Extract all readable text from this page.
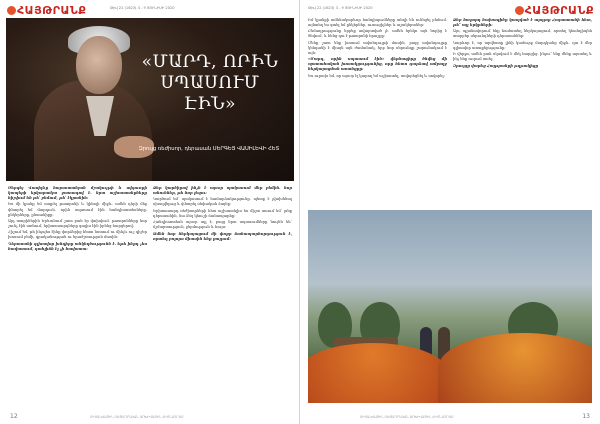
ՀԱՅԹՐԱՆՔ	Թիվ 22 (1623) 3 - 9 ՅՈՒՆԻՍԻ 2020
«ՄԱՐԴ, ՈՐԻՆ ՍՊԱՍՈՒՄ ԷԻՆ»
Զրույց ռեժիսոր, դերասան ՍԵՐԳԵՅ ՎԱՍԻԼԵՎԻ ՀԵՏ

Սերգեյ Վասիլևը հայաստանյան մշակույթի և սփյուռքի կապերի երկարամյա ջատագով է. նրա աշխատանքները հիշվում են թե՛ բեմում, թե՛ էկրանին:

Ես մի կյանք եմ ապրել թատրոնի և կինոյի միջև. ամեն դերի մեջ փնտրել եմ մարդուն, որին սպասում էին հանդիսատեսները, ընկերները, ընտանիքը:

Այդ տարիներին Երևանում շատ բան էր փոխվում. թատրոնները նոր շունչ էին առնում, երիտասարդները գալիս էին իրենց հարցերով:

Հիշում եմ, թե ինչպես էինք փորձերից հետո նստում ու մինչև ուշ գիշեր խոսում բեմի, գրականության ու երաժշտության մասին:

Դերասանի գլխավոր խնդիրը անկեղծությունն է. եթե ինքդ չես հավատում, դահլիճն էլ չի հավատա:

Ձեր կարծիքով ինչն է այսօր պակասում մեր բեմին. նոր անուններ, թե նոր լեզու:

Կարծում եմ՝ պակասում է համարձակությունը. պետք է չվախենալ սխալվելուց և փնտրել սեփական ձայնը:

Երիտասարդ ռեժիսորների հետ աշխատելիս ես միշտ ասում եմ՝ լսեք դերասանին, նա ձեզ կհուշի ճանապարհը:

Հանդիսատեսն այսօր այլ է, բայց նրա սպասումները նույնն են՝ ճշմարտություն, ջերմություն և հույս:

Ամեն նոր ներկայացում մի փոքր ճանապարհորդություն է, որտեղ բոլորս միասին ենք քայլում:

12	ՄԻՍԱԿՎԱՅԻՆ ՄԵԾԱԴՐԱԿԱՆ ԱՐԽԻՎԱՅԻՆ ՀԻՄՆԱԴՐԱՄ
Թիվ 22 (1623) 3 - 9 ՅՈՒՆԻՍԻ 2020	ՀԱՅԹՐԱՆՔ

Իմ կյանքի ամենակարևոր հանդիպումները տեղի են ունեցել բեմում. այնտեղ ես գտել եմ ընկերներ, ուսուցիչներ և աշակերտներ:

Բեմադրությունը երբեք ավարտված չէ. ամեն երեկո այն նորից է ծնվում, և հենց դա է թատրոնի հրաշքը:

Մենք շատ ենք խոսում ավանդույթի մասին, բայց ավանդույթը կենդանի է միայն այն ժամանակ, երբ նոր սերունդը շարունակում է այն:

«Մարդ, որին սպասում էին» վերնագիրը ծնվեց մի պատահական խոսակցությունից, որը հետո դարձավ ամբողջ ներկայացման առանցքը:

Ես ուրախ եմ, որ այսօր էլ կարող եմ աշխատել, սովորեցնել և սովորել:

Ձեր հաջորդ նախագիծը կապված է արդյոք Հայաստանի հետ, թե՞ այլ երկրների:

Այո, պլանավորում ենք համատեղ ներկայացում, որտեղ կհանդիպեն տարբեր սերունդների դերասաններ:

Կարևոր է, որ արվեստը լինի կամուրջ մարդկանց միջև. դա է մեր գլխավոր առաքելությունը:

Ի վերջո, ամեն բան սկսվում է մեկ հարցից. ինչու՞ ենք մենք այստեղ և ինչ ենք ուզում ասել:

Զրույցը վարեց Հայթրանքի թղթակիցը

ՄԻՍԱԿՎԱՅԻՆ ՄԵԾԱԴՐԱԿԱՆ ԱՐԽԻՎԱՅԻՆ ՀԻՄՆԱԴՐԱՄ	13
